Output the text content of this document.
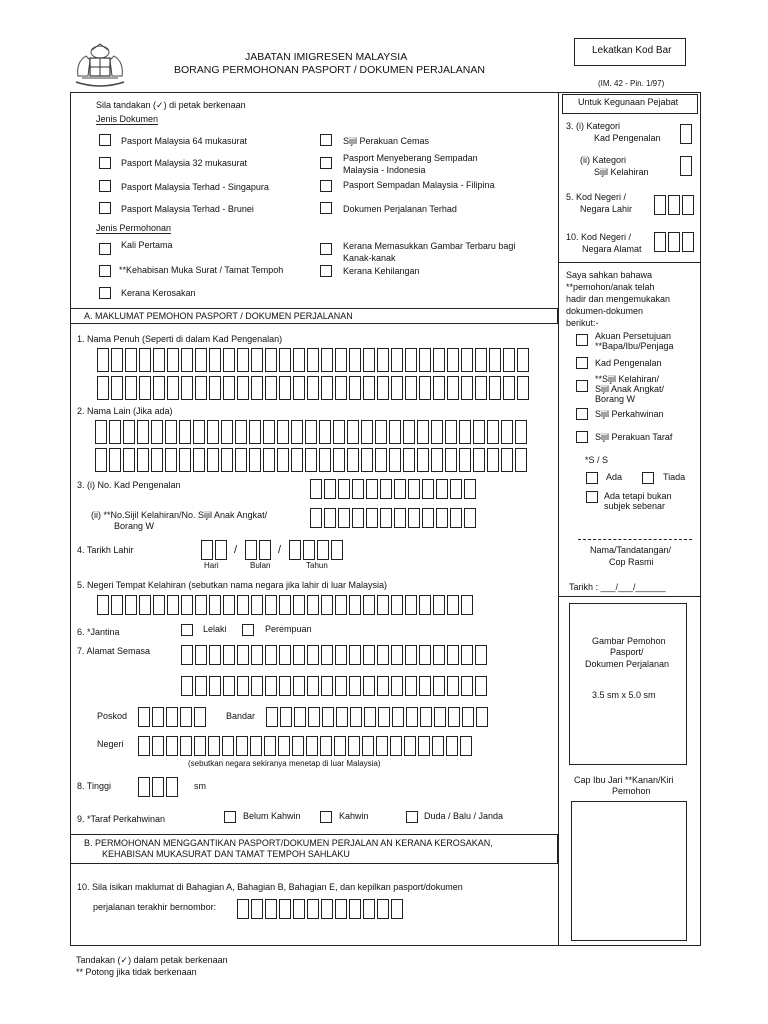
JABATAN IMIGRESEN MALAYSIA
BORANG PERMOHONAN PASPORT / DOKUMEN PERJALANAN
Lekatkan Kod Bar
(IM. 42 - Pin. 1/97)
Sila tandakan (✓) di petak berkenaan
Jenis Dokumen
Pasport Malaysia 64 mukasurat
Pasport Malaysia 32 mukasurat
Pasport Malaysia Terhad - Singapura
Pasport Malaysia Terhad - Brunei
Sijil Perakuan Cemas
Pasport Menyeberang Sempadan
Malaysia - Indonesia
Pasport Sempadan Malaysia - Filipina
Dokumen Perjalanan Terhad
Jenis Permohonan
Kali Pertama
**Kehabisan Muka Surat / Tamat Tempoh
Kerana Kerosakan
Kerana Memasukkan Gambar Terbaru bagi
Kanak-kanak
Kerana Kehilangan
A. MAKLUMAT PEMOHON PASPORT / DOKUMEN PERJALANAN
1. Nama Penuh (Seperti di dalam Kad Pengenalan)
2. Nama Lain (Jika ada)
3. (i) No. Kad Pengenalan
(ii) **No.Sijil Kelahiran/No. Sijil Anak Angkat/
Borang W
4. Tarikh Lahir	/	/
Hari	Bulan	Tahun
5. Negeri Tempat Kelahiran (sebutkan nama negara jika lahir di luar Malaysia)
6. *Jantina	Lelaki	Perempuan
7. Alamat Semasa
Poskod	Bandar
Negeri
(sebutkan negara sekiranya menetap di luar Malaysia)
8. Tinggi	sm
9. *Taraf Perkahwinan	Belum Kahwin	Kahwin	Duda / Balu / Janda
B. PERMOHONAN MENGGANTIKAN PASPORT/DOKUMEN PERJALAN AN KERANA KEROSAKAN,
KEHABISAN MUKASURAT DAN TAMAT TEMPOH SAHLAKU
10. Sila isikan maklumat di Bahagian A, Bahagian B, Bahagian E, dan kepilkan pasport/dokumen
perjalanan terakhir bernombor:
Untuk Kegunaan Pejabat
3. (i) Kategori
Kad Pengenalan
(ii) Kategori
Sijil Kelahiran
5. Kod Negeri /
Negara Lahir
10. Kod Negeri /
Negara Alamat
Saya sahkan bahawa
**pemohon/anak telah
hadir dan mengemukakan
dokumen-dokumen
berikut:-
Akuan Persetujuan
**Bapa/Ibu/Penjaga
Kad Pengenalan
**Sijil Kelahiran/
Sijil Anak Angkat/
Borang W
Sijil Perkahwinan
Sijil Perakuan Taraf
*S / S
Ada	Tiada
Ada tetapi bukan
subjek sebenar
Nama/Tandatangan/
Cop Rasmi
Tarikh : ___/___/______
Gambar Pemohon
Pasport/
Dokumen Perjalanan
3.5 sm x 5.0 sm
Cap Ibu Jari **Kanan/Kiri
Pemohon
Tandakan (✓) dalam petak berkenaan
** Potong jika tidak berkenaan
